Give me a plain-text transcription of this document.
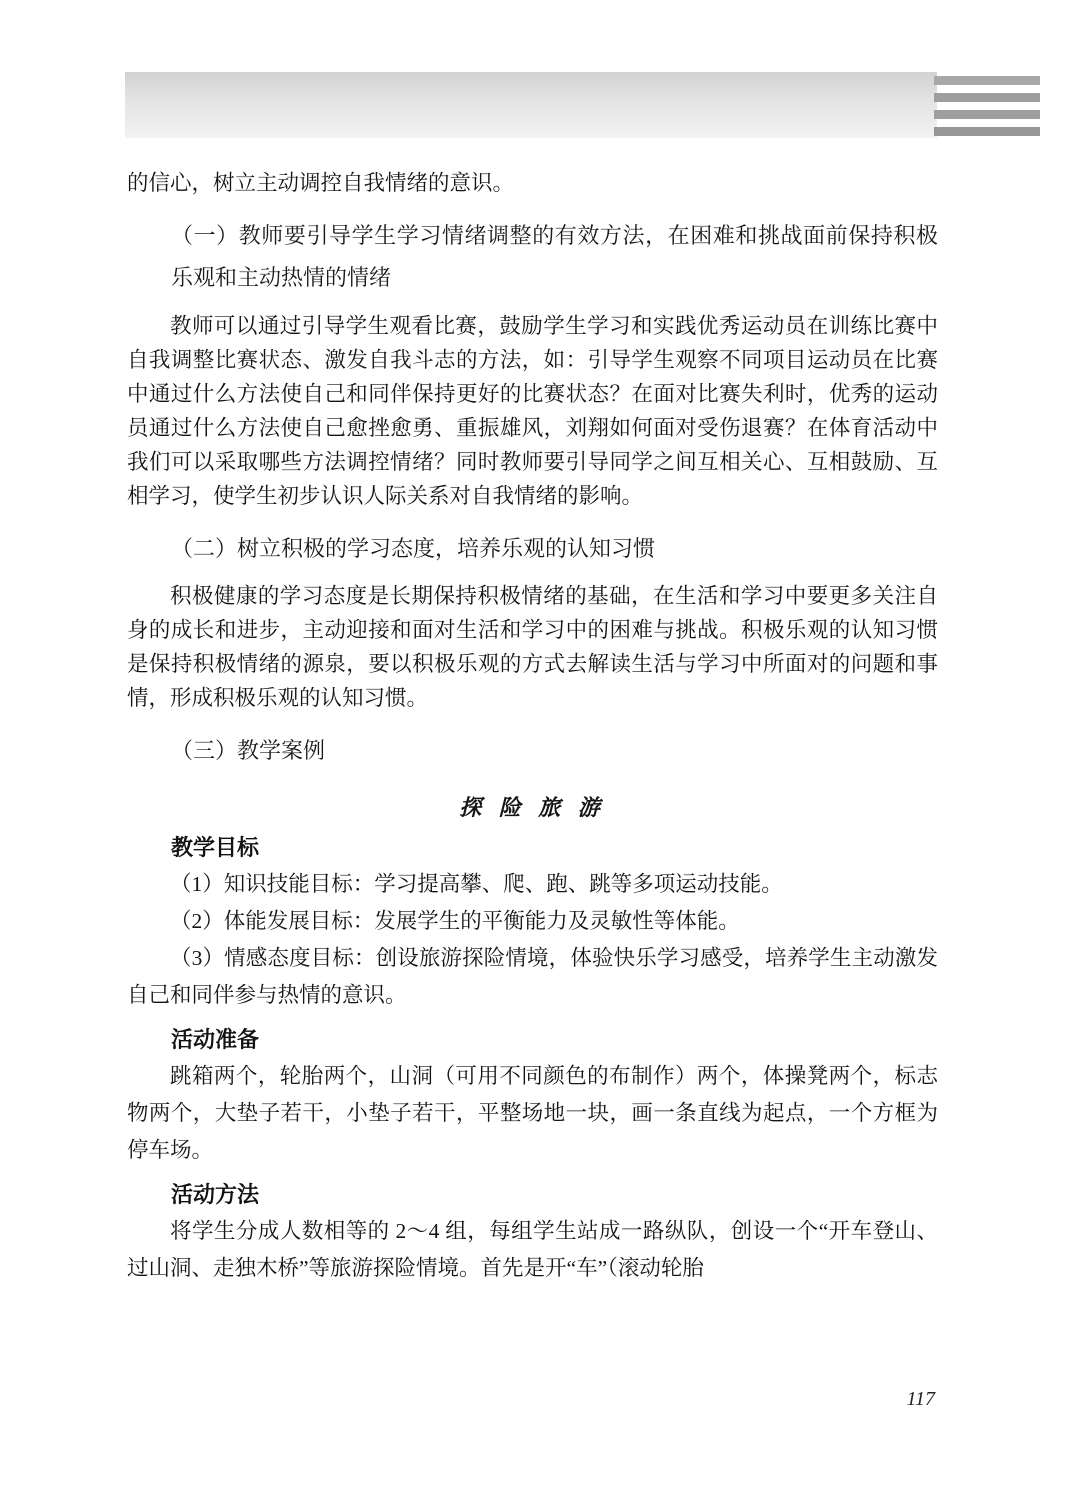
的信心，树立主动调控自我情绪的意识。

（一）教师要引导学生学习情绪调整的有效方法，在困难和挑战面前保持积极乐观和主动热情的情绪

教师可以通过引导学生观看比赛，鼓励学生学习和实践优秀运动员在训练比赛中自我调整比赛状态、激发自我斗志的方法，如：引导学生观察不同项目运动员在比赛中通过什么方法使自己和同伴保持更好的比赛状态？在面对比赛失利时，优秀的运动员通过什么方法使自己愈挫愈勇、重振雄风，刘翔如何面对受伤退赛？在体育活动中我们可以采取哪些方法调控情绪？同时教师要引导同学之间互相关心、互相鼓励、互相学习，使学生初步认识人际关系对自我情绪的影响。

（二）树立积极的学习态度，培养乐观的认知习惯

积极健康的学习态度是长期保持积极情绪的基础，在生活和学习中要更多关注自身的成长和进步，主动迎接和面对生活和学习中的困难与挑战。积极乐观的认知习惯是保持积极情绪的源泉，要以积极乐观的方式去解读生活与学习中所面对的问题和事情，形成积极乐观的认知习惯。

（三）教学案例
探 险 旅 游
教学目标

（1）知识技能目标：学习提高攀、爬、跑、跳等多项运动技能。

（2）体能发展目标：发展学生的平衡能力及灵敏性等体能。

（3）情感态度目标：创设旅游探险情境，体验快乐学习感受，培养学生主动激发自己和同伴参与热情的意识。

活动准备

跳箱两个，轮胎两个，山洞（可用不同颜色的布制作）两个，体操凳两个，标志物两个，大垫子若干，小垫子若干，平整场地一块，画一条直线为起点，一个方框为停车场。

活动方法

将学生分成人数相等的 2～4 组，每组学生站成一路纵队，创设一个“开车登山、过山洞、走独木桥”等旅游探险情境。首先是开“车”（滚动轮胎

117
